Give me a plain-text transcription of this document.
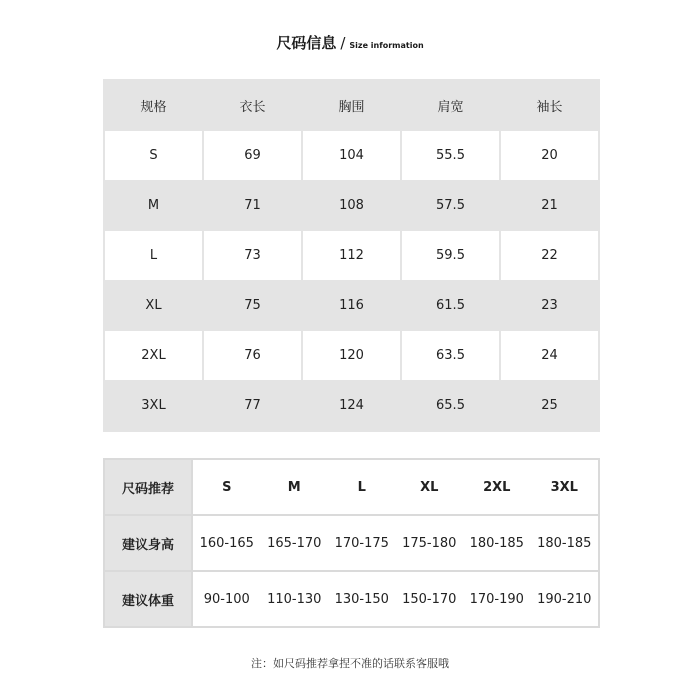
尺码信息 / Size information
规格	衣长	胸围	肩宽	袖长
S	69	104	55.5	20
M	71	108	57.5	21
L	73	112	59.5	22
XL	75	116	61.5	23
2XL	76	120	63.5	24
3XL	77	124	65.5	25
尺码推荐	S	M	L	XL	2XL	3XL
建议身高	160-165	165-170	170-175	175-180	180-185	180-185
建议体重	90-100	110-130	130-150	150-170	170-190	190-210
注：如尺码推荐拿捏不准的话联系客服哦
